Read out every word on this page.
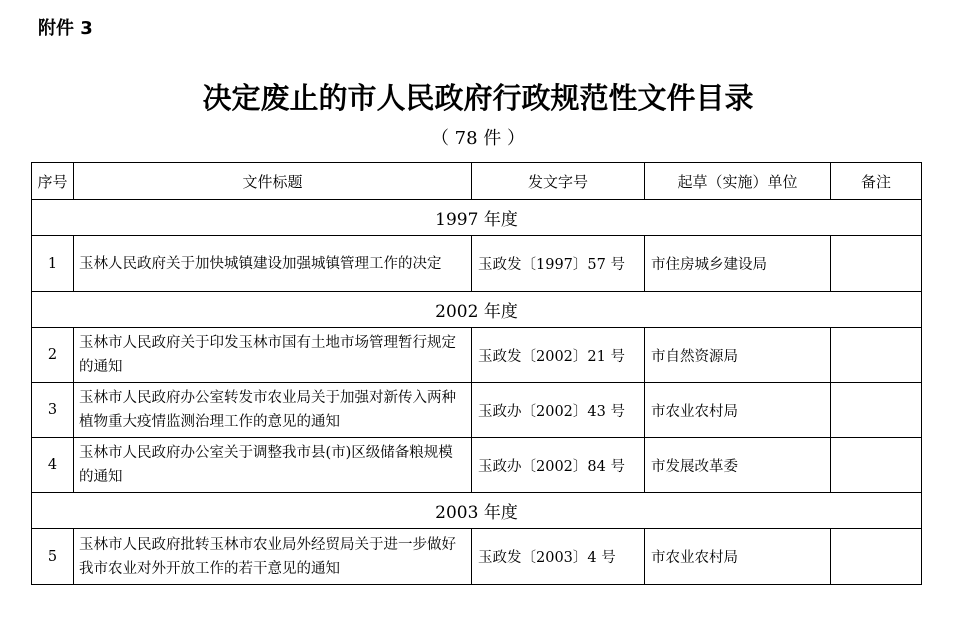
附件 3
决定废止的市人民政府行政规范性文件目录
（ 78 件 ）
序号	文件标题	发文字号	起草（实施）单位	备注
1997 年度				
1	玉林人民政府关于加快城镇建设加强城镇管理工作的决定	玉政发〔1997〕57 号	市住房城乡建设局	
2002 年度				
2	玉林市人民政府关于印发玉林市国有土地市场管理暂行规定的通知	玉政发〔2002〕21 号	市自然资源局	
3	玉林市人民政府办公室转发市农业局关于加强对新传入两种植物重大疫情监测治理工作的意见的通知	玉政办〔2002〕43 号	市农业农村局	
4	玉林市人民政府办公室关于调整我市县(市)区级储备粮规模的通知	玉政办〔2002〕84 号	市发展改革委	
2003 年度				
5	玉林市人民政府批转玉林市农业局外经贸局关于进一步做好我市农业对外开放工作的若干意见的通知	玉政发〔2003〕4 号	市农业农村局	
